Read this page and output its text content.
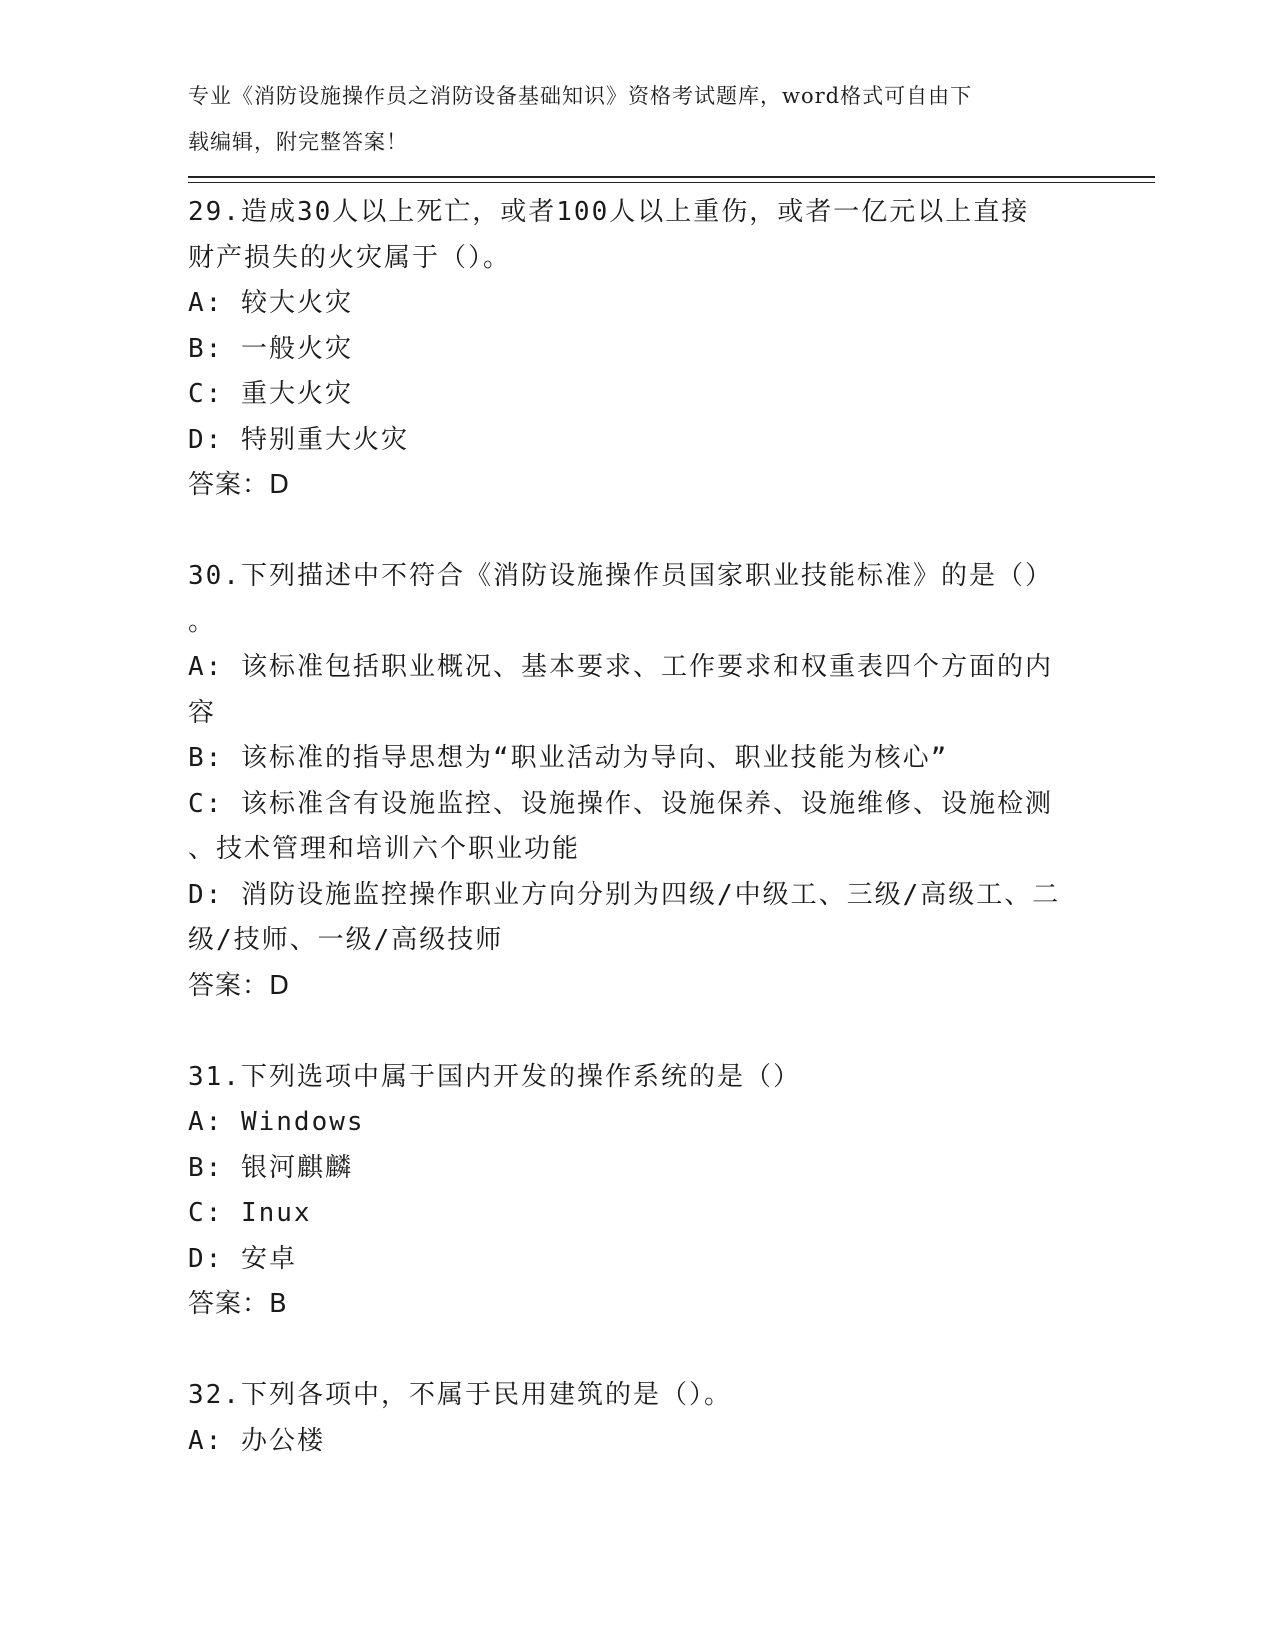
专业《消防设施操作员之消防设备基础知识》资格考试题库，word格式可自由下
载编辑，附完整答案！
29.造成30人以上死亡，或者100人以上重伤，或者一亿元以上直接
财产损失的火灾属于（）。
A: 较大火灾
B: 一般火灾
C: 重大火灾
D: 特别重大火灾
答案：D
30.下列描述中不符合《消防设施操作员国家职业技能标准》的是（）
。
A: 该标准包括职业概况、基本要求、工作要求和权重表四个方面的内
容
B: 该标准的指导思想为“职业活动为导向、职业技能为核心”
C: 该标准含有设施监控、设施操作、设施保养、设施维修、设施检测
、技术管理和培训六个职业功能
D: 消防设施监控操作职业方向分别为四级/中级工、三级/高级工、二
级/技师、一级/高级技师
答案：D
31.下列选项中属于国内开发的操作系统的是（）
A: Windows
B: 银河麒麟
C: Inux
D: 安卓
答案：B
32.下列各项中，不属于民用建筑的是（）。
A: 办公楼
